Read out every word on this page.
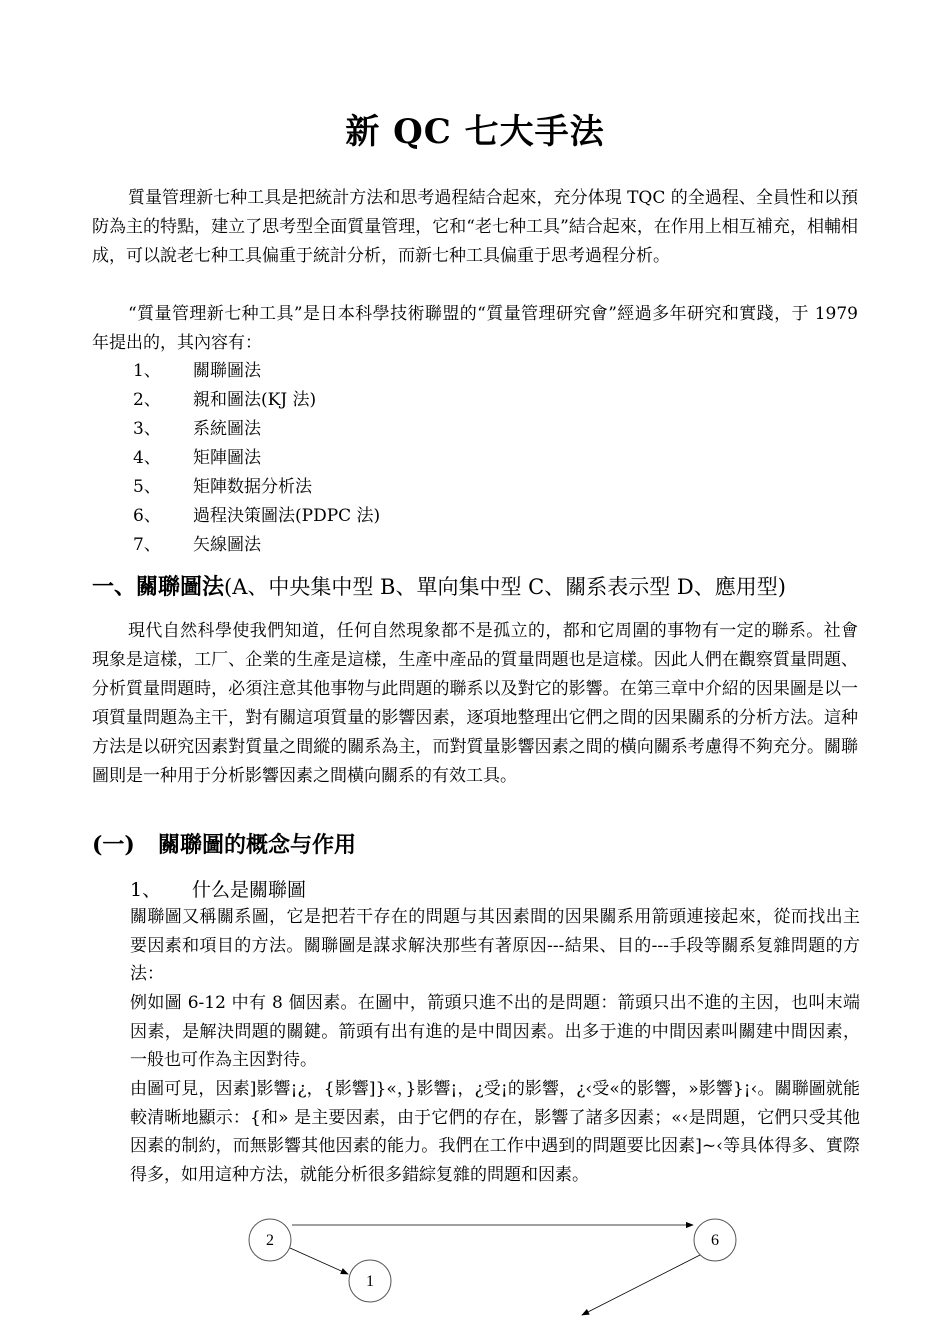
新 QC 七大手法

質量管理新七种工具是把統計方法和思考過程結合起來，充分体現 TQC 的全過程、全員性和以預防為主的特點，建立了思考型全面質量管理，它和“老七种工具”結合起來，在作用上相互補充，相輔相成，可以說老七种工具偏重于統計分析，而新七种工具偏重于思考過程分析。

“質量管理新七种工具”是日本科學技術聯盟的“質量管理研究會”經過多年研究和實踐，于 1979 年提出的，其內容有：

1、 關聯圖法
2、 親和圖法(KJ 法)
3、 系統圖法
4、 矩陣圖法
5、 矩陣数据分析法
6、 過程決策圖法(PDPC 法)
7、 矢線圖法
一、關聯圖法(A、中央集中型 B、單向集中型 C、關系表示型 D、應用型)

現代自然科學使我們知道，任何自然現象都不是孤立的，都和它周圍的事物有一定的聯系。社會現象是這樣，工厂、企業的生產是這樣，生產中產品的質量問題也是這樣。因此人們在觀察質量問題、分析質量問題時，必須注意其他事物与此問題的聯系以及對它的影響。在第三章中介紹的因果圖是以一項質量問題為主干，對有關這項質量的影響因素，逐項地整理出它們之間的因果關系的分析方法。這种方法是以研究因素對質量之間縱的關系為主，而對質量影響因素之間的橫向關系考慮得不夠充分。關聯圖則是一种用于分析影響因素之間橫向關系的有效工具。

(一) 關聯圖的概念与作用
1、 什么是關聯圖

關聯圖又稱關系圖，它是把若干存在的問題与其因素間的因果關系用箭頭連接起來，從而找出主要因素和項目的方法。關聯圖是謀求解決那些有著原因---結果、目的---手段等關系复雜問題的方法：

例如圖 6-12 中有 8 個因素。在圖中，箭頭只進不出的是問題：箭頭只出不進的主因，也叫末端因素，是解決問題的關鍵。箭頭有出有進的是中間因素。出多于進的中間因素叫關建中間因素，一般也可作為主因對待。

由圖可見，因素]影響¡¿，{影響]}«，}影響¡，¿受¡的影響，¿‹受«的影響，»影響}¡‹。關聯圖就能較清晰地顯示：{和» 是主要因素，由于它們的存在，影響了諸多因素；«‹是問題，它們只受其他因素的制約，而無影響其他因素的能力。我們在工作中遇到的問題要比因素]~‹等具体得多、實際得多，如用這种方法，就能分析很多錯綜复雜的問題和因素。

2	6
1
